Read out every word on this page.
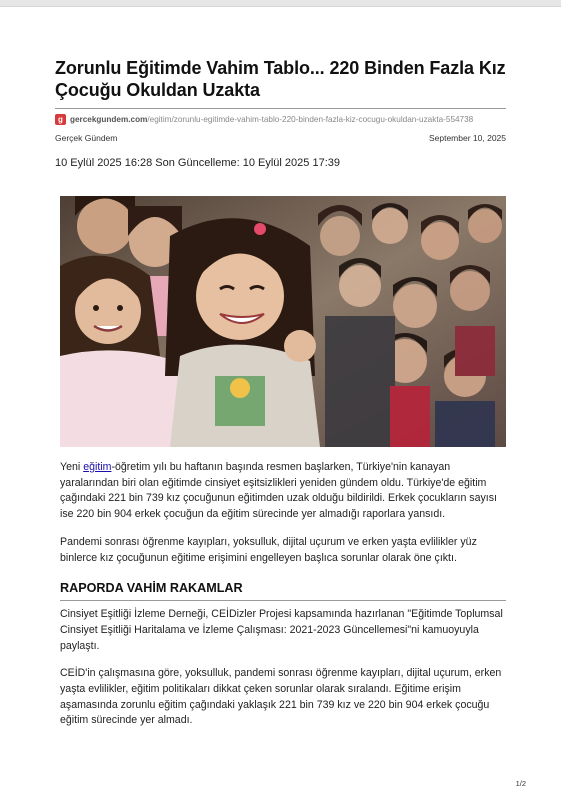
Zorunlu Eğitimde Vahim Tablo... 220 Binden Fazla Kız Çocuğu Okuldan Uzakta
g gercekgundem.com /egitim/zorunlu-egitimde-vahim-tablo-220-binden-fazla-kiz-cocugu-okuldan-uzakta-554738
Gerçek Gündem	September 10, 2025
10 Eylül 2025 16:28 Son Güncelleme: 10 Eylül 2025 17:39

Yeni eğitim-öğretim yılı bu haftanın başında resmen başlarken, Türkiye'nin kanayan yaralarından biri olan eğitimde cinsiyet eşitsizlikleri yeniden gündem oldu. Türkiye'de eğitim çağındaki 221 bin 739 kız çocuğunun eğitimden uzak olduğu bildirildi. Erkek çocukların sayısı ise 220 bin 904 erkek çocuğun da eğitim sürecinde yer almadığı raporlara yansıdı.

Pandemi sonrası öğrenme kayıpları, yoksulluk, dijital uçurum ve erken yaşta evlilikler yüz binlerce kız çocuğunun eğitime erişimini engelleyen başlıca sorunlar olarak öne çıktı.

RAPORDA VAHİM RAKAMLAR

Cinsiyet Eşitliği İzleme Derneği, CEİDizler Projesi kapsamında hazırlanan "Eğitimde Toplumsal Cinsiyet Eşitliği Haritalama ve İzleme Çalışması: 2021-2023 Güncellemesi"ni kamuoyuyla paylaştı.

CEİD'in çalışmasına göre, yoksulluk, pandemi sonrası öğrenme kayıpları, dijital uçurum, erken yaşta evlilikler, eğitim politikaları dikkat çeken sorunlar olarak sıralandı. Eğitime erişim aşamasında zorunlu eğitim çağındaki yaklaşık 221 bin 739 kız ve 220 bin 904 erkek çocuğu eğitim sürecinde yer almadı.

1/2
